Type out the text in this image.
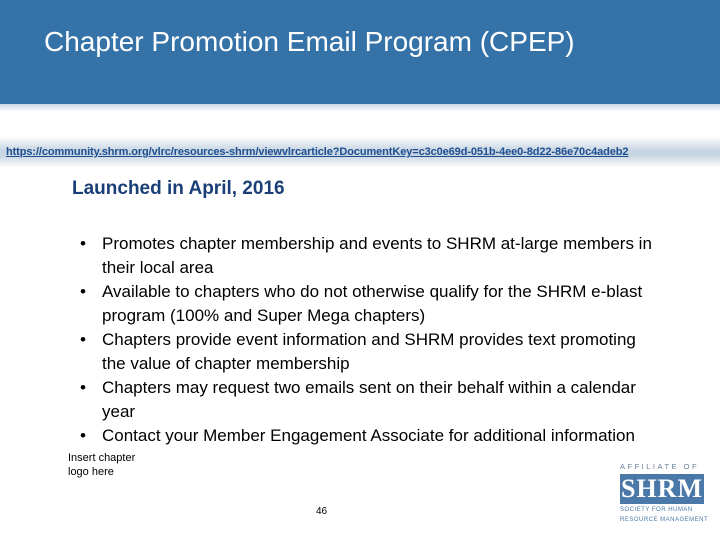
Chapter Promotion Email Program (CPEP)
https://community.shrm.org/vlrc/resources-shrm/viewvlrcarticle?DocumentKey=c3c0e69d-051b-4ee0-8d22-86e70c4adeb2
Launched in April, 2016
• Promotes chapter membership and events to SHRM at-large members in their local area
• Available to chapters who do not otherwise qualify for the SHRM e-blast program (100% and Super Mega chapters)
• Chapters provide event information and SHRM provides text promoting the value of chapter membership
• Chapters may request two emails sent on their behalf within a calendar year
• Contact your Member Engagement Associate for additional information
Insert chapter
logo here
46
AFFILIATE OF
SHRM
SOCIETY FOR HUMAN
RESOURCE MANAGEMENT
